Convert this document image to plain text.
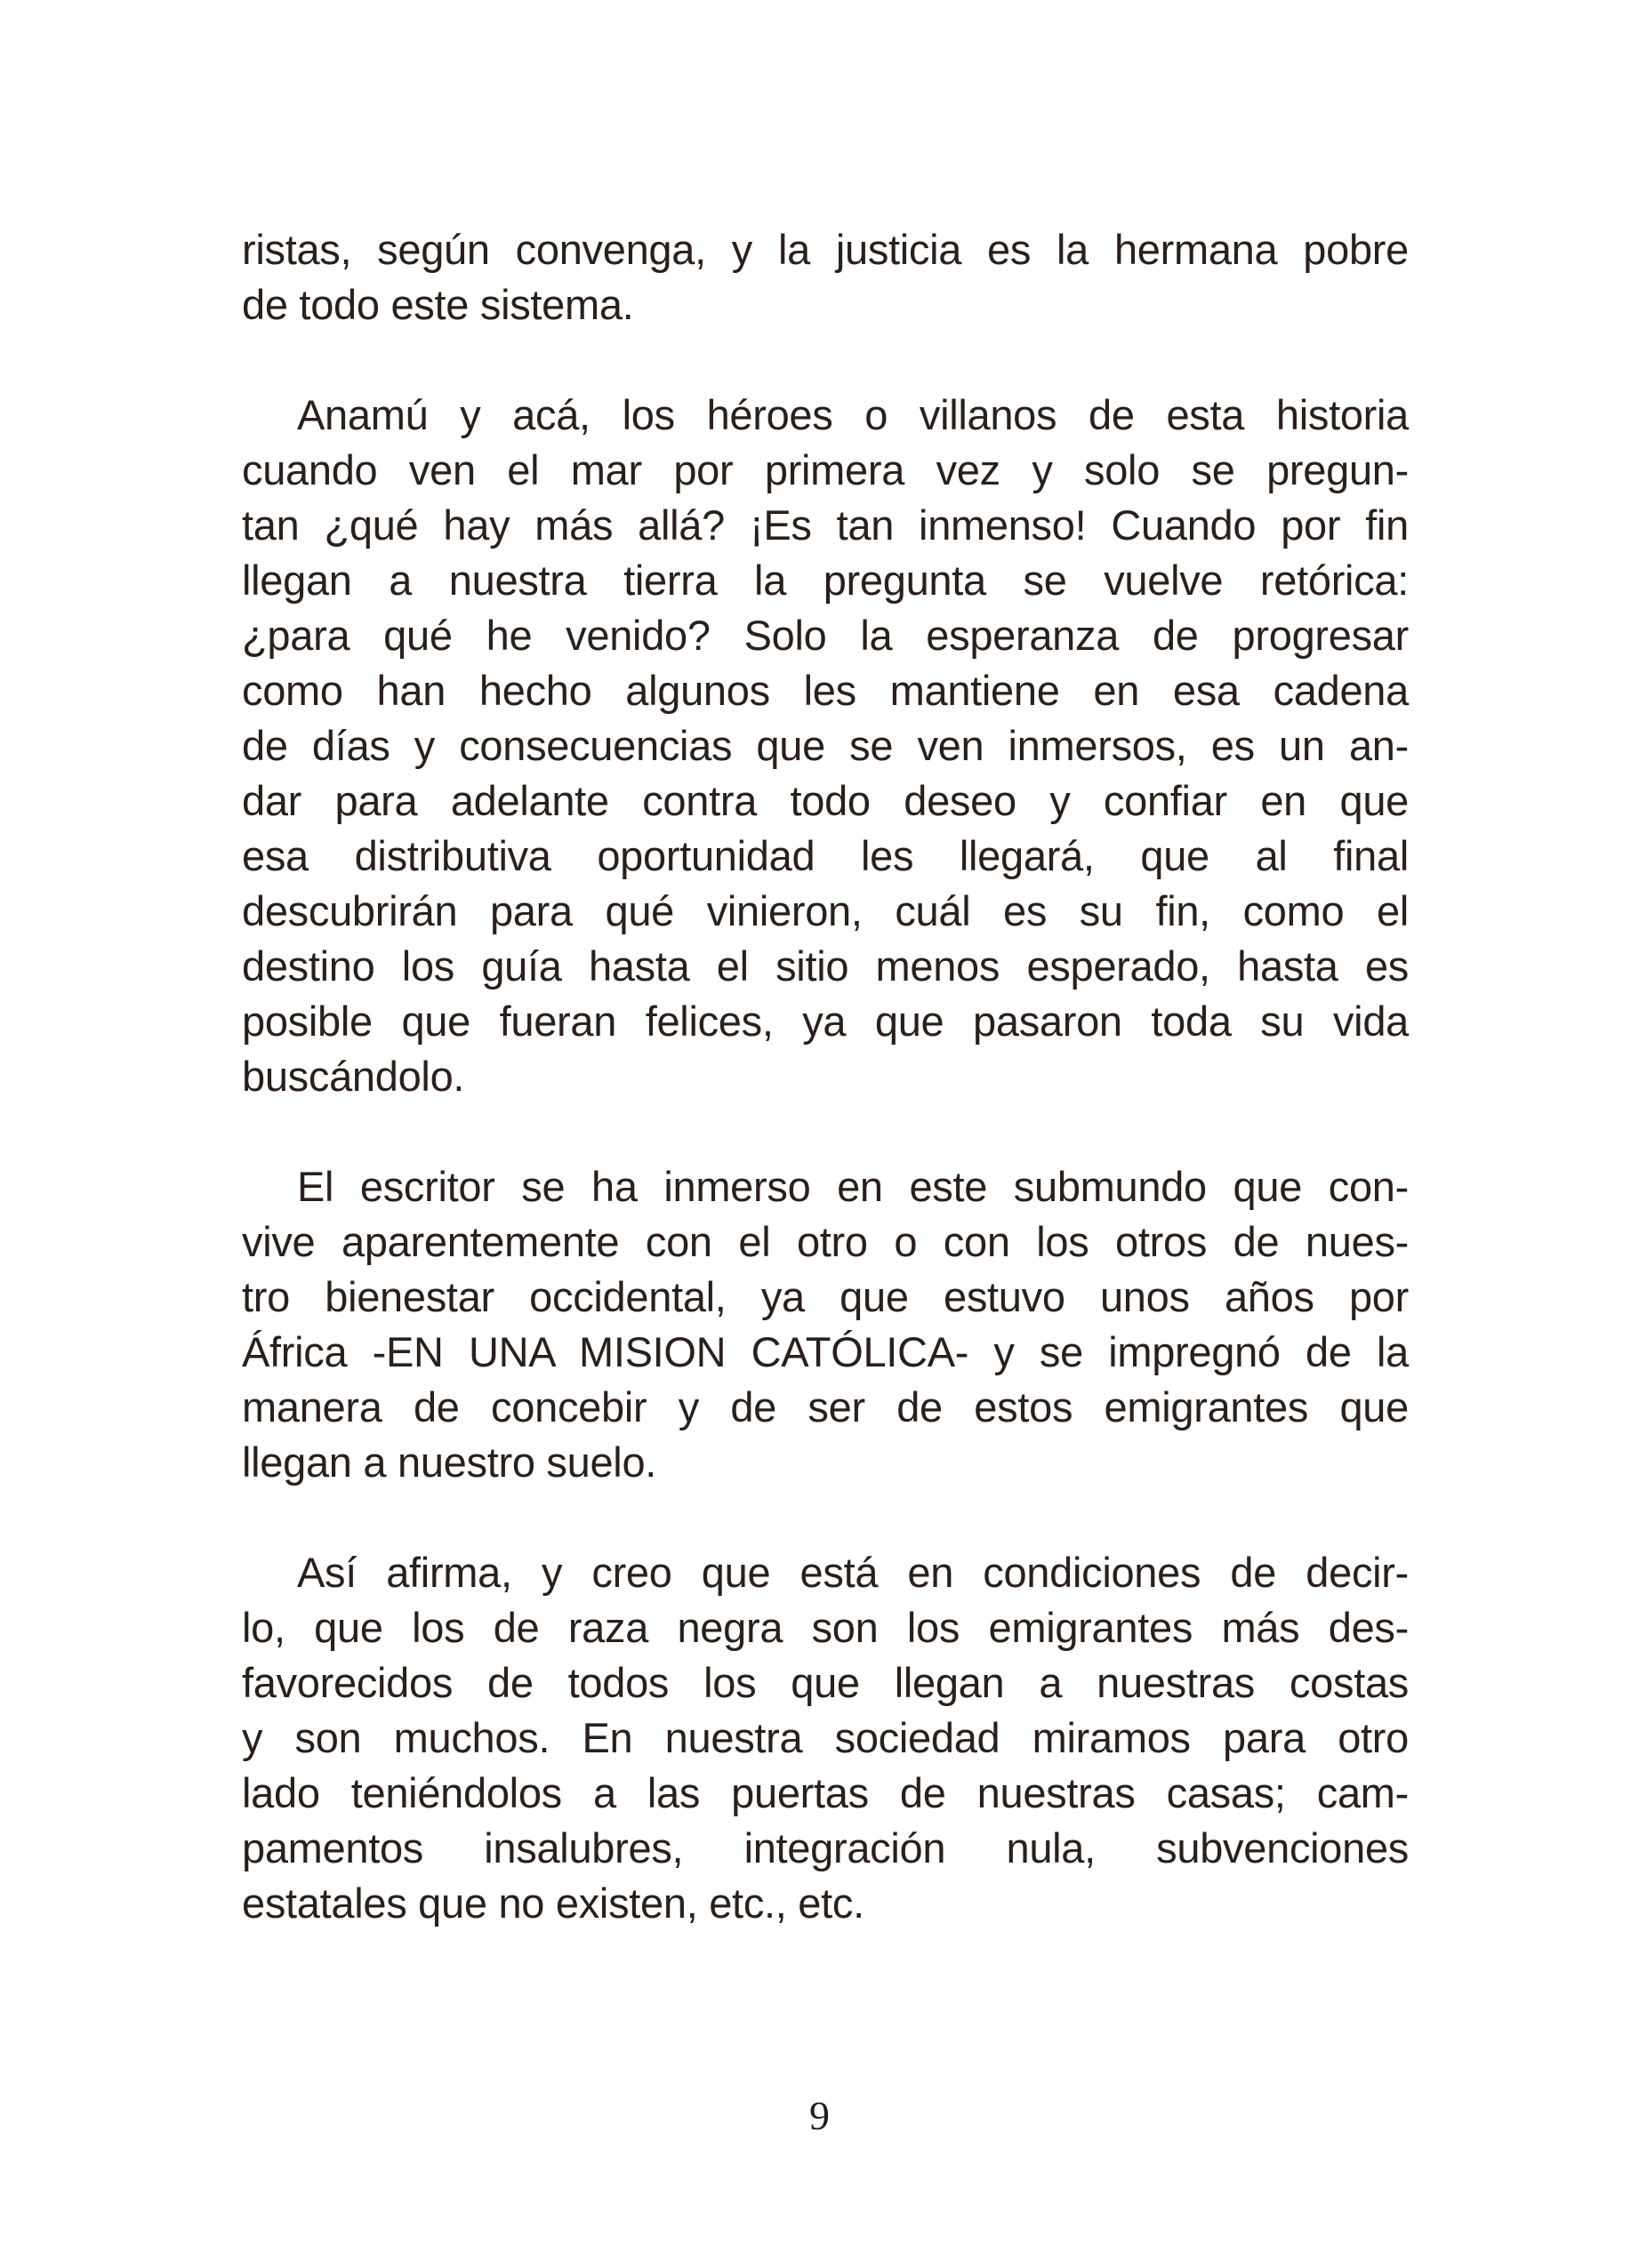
ristas, según convenga, y la justicia es la hermana pobre
de todo este sistema.
Anamú y acá, los héroes o villanos de esta historia
cuando ven el mar por primera vez y solo se pregun-
tan ¿qué hay más allá? ¡Es tan inmenso! Cuando por fin
llegan a nuestra tierra la pregunta se vuelve retórica:
¿para qué he venido? Solo la esperanza de progresar
como han hecho algunos les mantiene en esa cadena
de días y consecuencias que se ven inmersos, es un an-
dar para adelante contra todo deseo y confiar en que
esa distributiva oportunidad les llegará, que al final
descubrirán para qué vinieron, cuál es su fin, como el
destino los guía hasta el sitio menos esperado, hasta es
posible que fueran felices, ya que pasaron toda su vida
buscándolo.
El escritor se ha inmerso en este submundo que con-
vive aparentemente con el otro o con los otros de nues-
tro bienestar occidental, ya que estuvo unos años por
África -EN UNA MISION CATÓLICA- y se impregnó de la
manera de concebir y de ser de estos emigrantes que
llegan a nuestro suelo.
Así afirma, y creo que está en condiciones de decir-
lo, que los de raza negra son los emigrantes más des-
favorecidos de todos los que llegan a nuestras costas
y son muchos. En nuestra sociedad miramos para otro
lado teniéndolos a las puertas de nuestras casas; cam-
pamentos insalubres, integración nula, subvenciones
estatales que no existen, etc., etc.
9
